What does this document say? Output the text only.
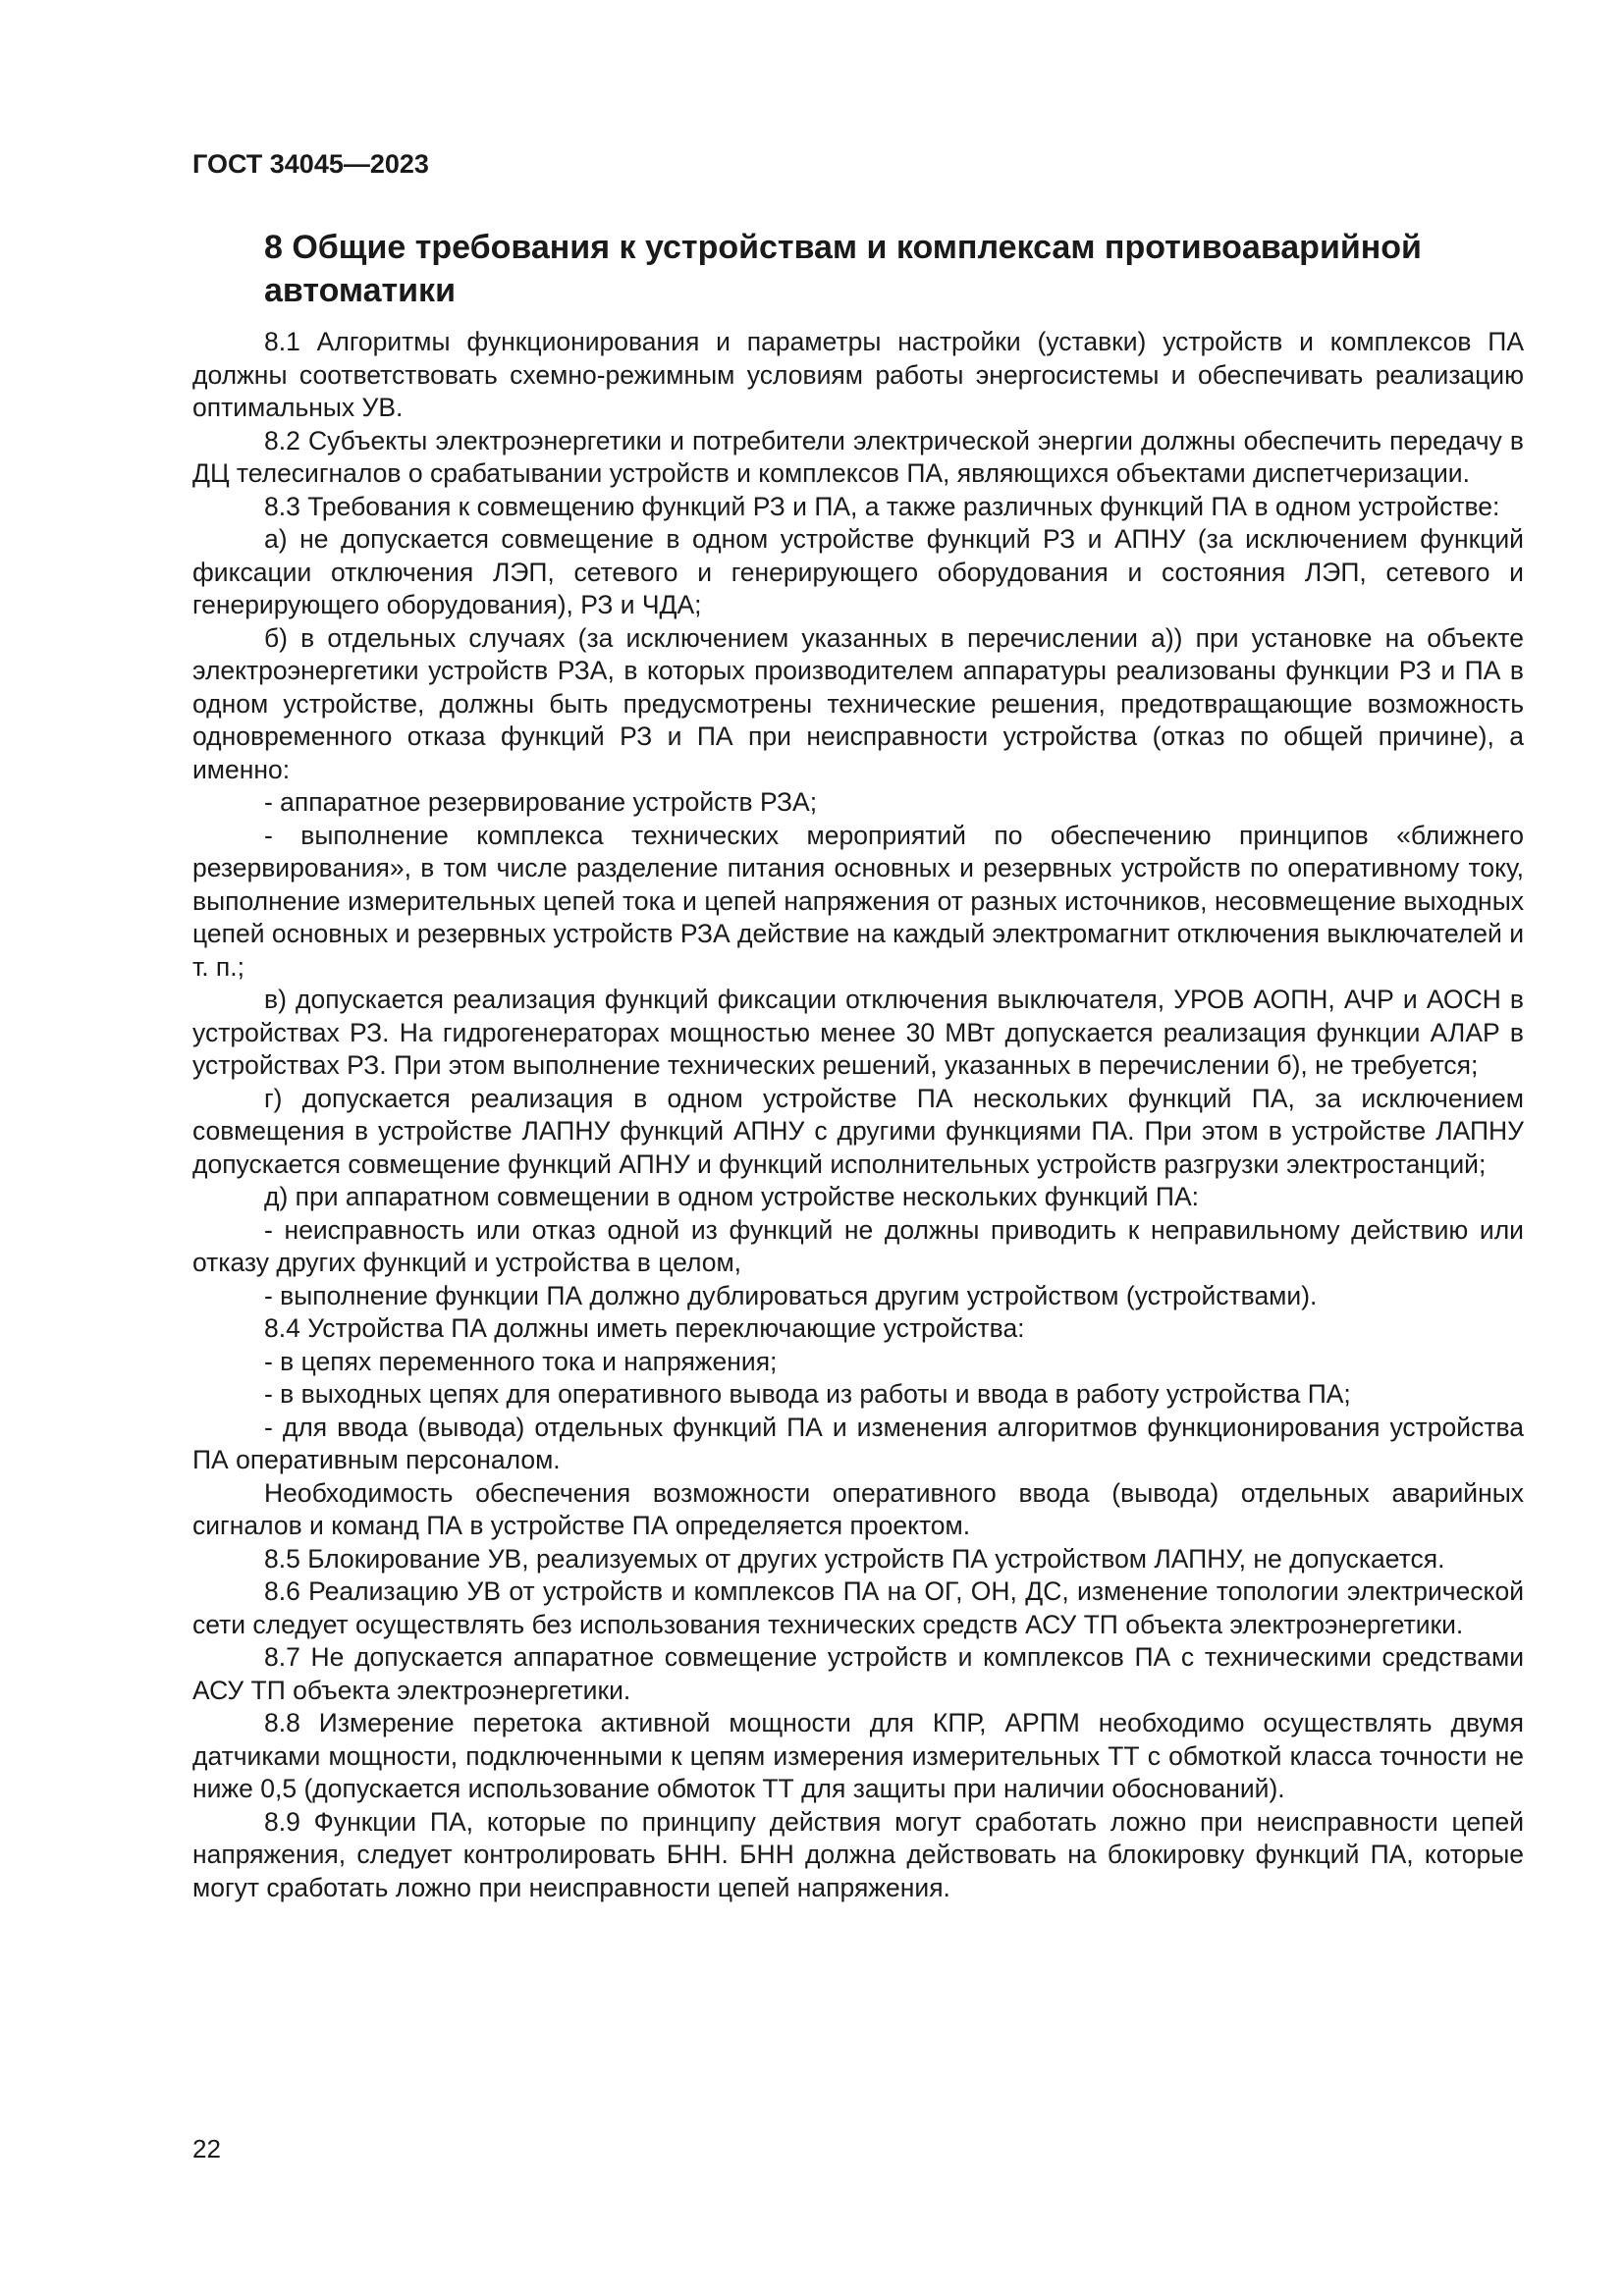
ГОСТ 34045—2023
8 Общие требования к устройствам и комплексам противоаварийной автоматики

8.1 Алгоритмы функционирования и параметры настройки (уставки) устройств и комплексов ПА должны соответствовать схемно-режимным условиям работы энергосистемы и обеспечивать реализацию оптимальных УВ.

8.2 Субъекты электроэнергетики и потребители электрической энергии должны обеспечить передачу в ДЦ телесигналов о срабатывании устройств и комплексов ПА, являющихся объектами диспетчеризации.

8.3 Требования к совмещению функций РЗ и ПА, а также различных функций ПА в одном устройстве:

а) не допускается совмещение в одном устройстве функций РЗ и АПНУ (за исключением функций фиксации отключения ЛЭП, сетевого и генерирующего оборудования и состояния ЛЭП, сетевого и генерирующего оборудования), РЗ и ЧДА;

б) в отдельных случаях (за исключением указанных в перечислении а)) при установке на объекте электроэнергетики устройств РЗА, в которых производителем аппаратуры реализованы функции РЗ и ПА в одном устройстве, должны быть предусмотрены технические решения, предотвращающие возможность одновременного отказа функций РЗ и ПА при неисправности устройства (отказ по общей причине), а именно:

- аппаратное резервирование устройств РЗА;

- выполнение комплекса технических мероприятий по обеспечению принципов «ближнего резервирования», в том числе разделение питания основных и резервных устройств по оперативному току, выполнение измерительных цепей тока и цепей напряжения от разных источников, несовмещение выходных цепей основных и резервных устройств РЗА действие на каждый электромагнит отключения выключателей и т. п.;

в) допускается реализация функций фиксации отключения выключателя, УРОВ АОПН, АЧР и АОСН в устройствах РЗ. На гидрогенераторах мощностью менее 30 МВт допускается реализация функции АЛАР в устройствах РЗ. При этом выполнение технических решений, указанных в перечислении б), не требуется;

г) допускается реализация в одном устройстве ПА нескольких функций ПА, за исключением совмещения в устройстве ЛАПНУ функций АПНУ с другими функциями ПА. При этом в устройстве ЛАПНУ допускается совмещение функций АПНУ и функций исполнительных устройств разгрузки электростанций;

д) при аппаратном совмещении в одном устройстве нескольких функций ПА:

- неисправность или отказ одной из функций не должны приводить к неправильному действию или отказу других функций и устройства в целом,

- выполнение функции ПА должно дублироваться другим устройством (устройствами).

8.4 Устройства ПА должны иметь переключающие устройства:

- в цепях переменного тока и напряжения;

- в выходных цепях для оперативного вывода из работы и ввода в работу устройства ПА;

- для ввода (вывода) отдельных функций ПА и изменения алгоритмов функционирования устройства ПА оперативным персоналом.

Необходимость обеспечения возможности оперативного ввода (вывода) отдельных аварийных сигналов и команд ПА в устройстве ПА определяется проектом.

8.5 Блокирование УВ, реализуемых от других устройств ПА устройством ЛАПНУ, не допускается.

8.6 Реализацию УВ от устройств и комплексов ПА на ОГ, ОН, ДС, изменение топологии электрической сети следует осуществлять без использования технических средств АСУ ТП объекта электроэнергетики.

8.7 Не допускается аппаратное совмещение устройств и комплексов ПА с техническими средствами АСУ ТП объекта электроэнергетики.

8.8 Измерение перетока активной мощности для КПР, АРПМ необходимо осуществлять двумя датчиками мощности, подключенными к цепям измерения измерительных ТТ с обмоткой класса точности не ниже 0,5 (допускается использование обмоток ТТ для защиты при наличии обоснований).

8.9 Функции ПА, которые по принципу действия могут сработать ложно при неисправности цепей напряжения, следует контролировать БНН. БНН должна действовать на блокировку функций ПА, которые могут сработать ложно при неисправности цепей напряжения.

22
